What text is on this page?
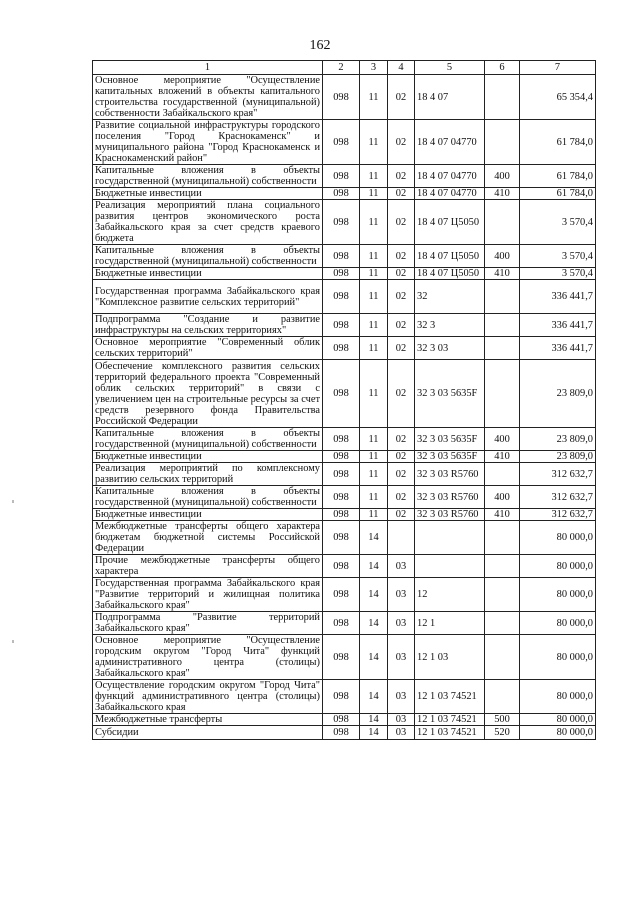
162
1	2	3	4	5	6	7
Основное мероприятие "Осуществление капитальных вложений в объекты капитального строительства государственной (муниципальной) собственности Забайкальского края"	098	11	02	18 4 07		65 354,4
Развитие социальной инфраструктуры городского поселения "Город Краснокаменск" и муниципального района "Город Краснокаменск и Краснокаменский район"	098	11	02	18 4 07 04770		61 784,0
Капитальные вложения в объекты государственной (муниципальной) собственности	098	11	02	18 4 07 04770	400	61 784,0
Бюджетные инвестиции	098	11	02	18 4 07 04770	410	61 784,0
Реализация мероприятий плана социального развития центров экономического роста Забайкальского края за счет средств краевого бюджета	098	11	02	18 4 07 Ц5050		3 570,4
Капитальные вложения в объекты государственной (муниципальной) собственности	098	11	02	18 4 07 Ц5050	400	3 570,4
Бюджетные инвестиции	098	11	02	18 4 07 Ц5050	410	3 570,4
Государственная программа Забайкальского края "Комплексное развитие сельских территорий"	098	11	02	32		336 441,7
Подпрограмма "Создание и развитие инфраструктуры на сельских территориях"	098	11	02	32 3		336 441,7
Основное мероприятие "Современный облик сельских территорий"	098	11	02	32 3 03		336 441,7
Обеспечение комплексного развития сельских территорий федерального проекта "Современный облик сельских территорий" в связи с увеличением цен на строительные ресурсы за счет средств резервного фонда Правительства Российской Федерации	098	11	02	32 3 03 5635F		23 809,0
Капитальные вложения в объекты государственной (муниципальной) собственности	098	11	02	32 3 03 5635F	400	23 809,0
Бюджетные инвестиции	098	11	02	32 3 03 5635F	410	23 809,0
Реализация мероприятий по комплексному развитию сельских территорий	098	11	02	32 3 03 R5760		312 632,7
Капитальные вложения в объекты государственной (муниципальной) собственности	098	11	02	32 3 03 R5760	400	312 632,7
Бюджетные инвестиции	098	11	02	32 3 03 R5760	410	312 632,7
Межбюджетные трансферты общего характера бюджетам бюджетной системы Российской Федерации	098	14				80 000,0
Прочие межбюджетные трансферты общего характера	098	14	03			80 000,0
Государственная программа Забайкальского края "Развитие территорий и жилищная политика Забайкальского края"	098	14	03	12		80 000,0
Подпрограмма "Развитие территорий Забайкальского края"	098	14	03	12 1		80 000,0
Основное мероприятие "Осуществление городским округом "Город Чита" функций административного центра (столицы) Забайкальского края"	098	14	03	12 1 03		80 000,0
Осуществление городским округом "Город Чита" функций административного центра (столицы) Забайкальского края	098	14	03	12 1 03 74521		80 000,0
Межбюджетные трансферты	098	14	03	12 1 03 74521	500	80 000,0
Субсидии	098	14	03	12 1 03 74521	520	80 000,0
